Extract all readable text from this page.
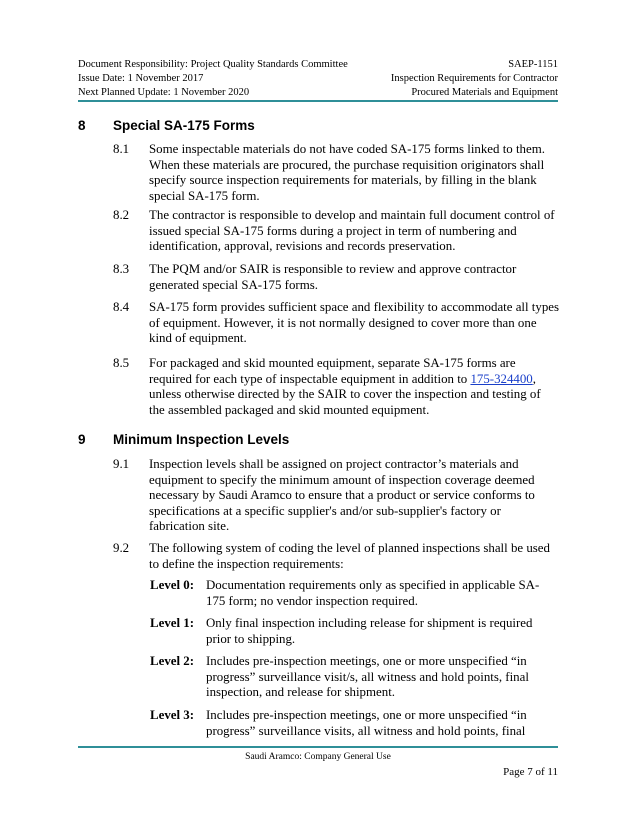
Document Responsibility: Project Quality Standards Committee
Issue Date: 1 November 2017
Next Planned Update: 1 November 2020
SAEP-1151
Inspection Requirements for Contractor
Procured Materials and Equipment
8 Special SA-175 Forms
8.1 Some inspectable materials do not have coded SA-175 forms linked to them. When these materials are procured, the purchase requisition originators shall specify source inspection requirements for materials, by filling in the blank special SA-175 form.
8.2 The contractor is responsible to develop and maintain full document control of issued special SA-175 forms during a project in term of numbering and identification, approval, revisions and records preservation.
8.3 The PQM and/or SAIR is responsible to review and approve contractor generated special SA-175 forms.
8.4 SA-175 form provides sufficient space and flexibility to accommodate all types of equipment. However, it is not normally designed to cover more than one kind of equipment.
8.5 For packaged and skid mounted equipment, separate SA-175 forms are required for each type of inspectable equipment in addition to 175-324400, unless otherwise directed by the SAIR to cover the inspection and testing of the assembled packaged and skid mounted equipment.
9 Minimum Inspection Levels
9.1 Inspection levels shall be assigned on project contractor’s materials and equipment to specify the minimum amount of inspection coverage deemed necessary by Saudi Aramco to ensure that a product or service conforms to specifications at a specific supplier's and/or sub-supplier's factory or fabrication site.
9.2 The following system of coding the level of planned inspections shall be used to define the inspection requirements:
Level 0: Documentation requirements only as specified in applicable SA-175 form; no vendor inspection required.
Level 1: Only final inspection including release for shipment is required prior to shipping.
Level 2: Includes pre-inspection meetings, one or more unspecified “in progress” surveillance visit/s, all witness and hold points, final inspection, and release for shipment.
Level 3: Includes pre-inspection meetings, one or more unspecified “in progress” surveillance visits, all witness and hold points, final
Saudi Aramco: Company General Use
Page 7 of 11
